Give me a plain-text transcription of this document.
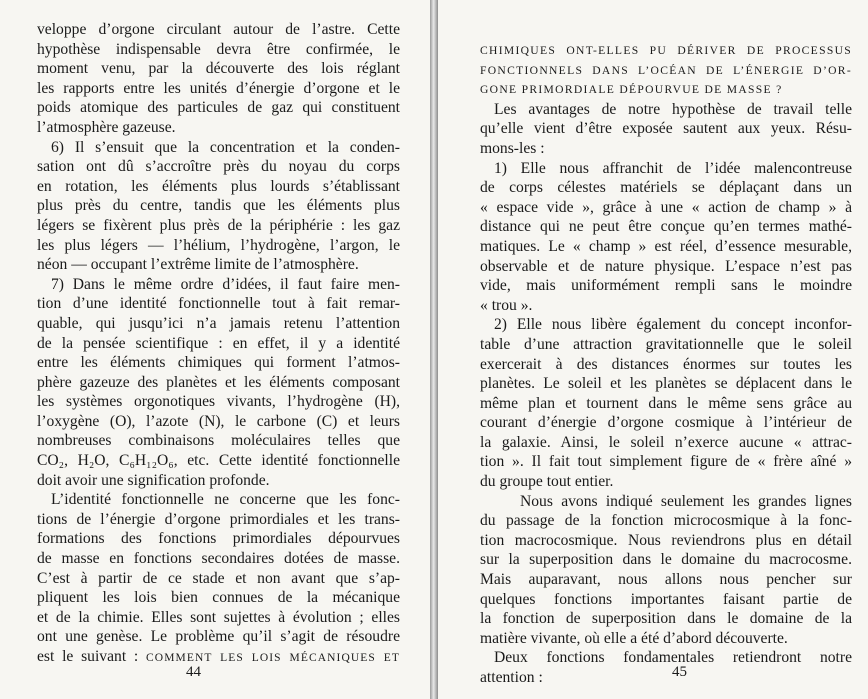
veloppe d’orgone circulant autour de l’astre. Cette
hypothèse indispensable devra être confirmée, le
moment venu, par la découverte des lois réglant
les rapports entre les unités d’énergie d’orgone et le
poids atomique des particules de gaz qui constituent
l’atmosphère gazeuse.
6) Il s’ensuit que la concentration et la conden-
sation ont dû s’accroître près du noyau du corps
en rotation, les éléments plus lourds s’établissant
plus près du centre, tandis que les éléments plus
légers se fixèrent plus près de la périphérie : les gaz
les plus légers — l’hélium, l’hydrogène, l’argon, le
néon — occupant l’extrême limite de l’atmosphère.
7) Dans le même ordre d’idées, il faut faire men-
tion d’une identité fonctionnelle tout à fait remar-
quable, qui jusqu’ici n’a jamais retenu l’attention
de la pensée scientifique : en effet, il y a identité
entre les éléments chimiques qui forment l’atmos-
phère gazeuze des planètes et les éléments composant
les systèmes orgonotiques vivants, l’hydrogène (H),
l’oxygène (O), l’azote (N), le carbone (C) et leurs
nombreuses combinaisons moléculaires telles que
CO₂, H₂O, C₆H₁₂O₆, etc. Cette identité fonctionnelle
doit avoir une signification profonde.
L’identité fonctionnelle ne concerne que les fonc-
tions de l’énergie d’orgone primordiales et les trans-
formations des fonctions primordiales dépourvues
de masse en fonctions secondaires dotées de masse.
C’est à partir de ce stade et non avant que s’ap-
pliquent les lois bien connues de la mécanique
et de la chimie. Elles sont sujettes à évolution ; elles
ont une genèse. Le problème qu’il s’agit de résoudre
est le suivant : COMMENT LES LOIS MÉCANIQUES ET
44
CHIMIQUES ONT-ELLES PU DÉRIVER DE PROCESSUS
FONCTIONNELS DANS L’OCÉAN DE L’ÉNERGIE D’OR-
GONE PRIMORDIALE DÉPOURVUE DE MASSE ?
Les avantages de notre hypothèse de travail telle
qu’elle vient d’être exposée sautent aux yeux. Résu-
mons-les :
1) Elle nous affranchit de l’idée malencontreuse
de corps célestes matériels se déplaçant dans un
« espace vide », grâce à une « action de champ » à
distance qui ne peut être conçue qu’en termes mathé-
matiques. Le « champ » est réel, d’essence mesurable,
observable et de nature physique. L’espace n’est pas
vide, mais uniformément rempli sans le moindre
« trou ».
2) Elle nous libère également du concept inconfor-
table d’une attraction gravitationnelle que le soleil
exercerait à des distances énormes sur toutes les
planètes. Le soleil et les planètes se déplacent dans le
même plan et tournent dans le même sens grâce au
courant d’énergie d’orgone cosmique à l’intérieur de
la galaxie. Ainsi, le soleil n’exerce aucune « attrac-
tion ». Il fait tout simplement figure de « frère aîné »
du groupe tout entier.
Nous avons indiqué seulement les grandes lignes
du passage de la fonction microcosmique à la fonc-
tion macrocosmique. Nous reviendrons plus en détail
sur la superposition dans le domaine du macrocosme.
Mais auparavant, nous allons nous pencher sur
quelques fonctions importantes faisant partie de
la fonction de superposition dans le domaine de la
matière vivante, où elle a été d’abord découverte.
Deux fonctions fondamentales retiendront notre
attention :	45
